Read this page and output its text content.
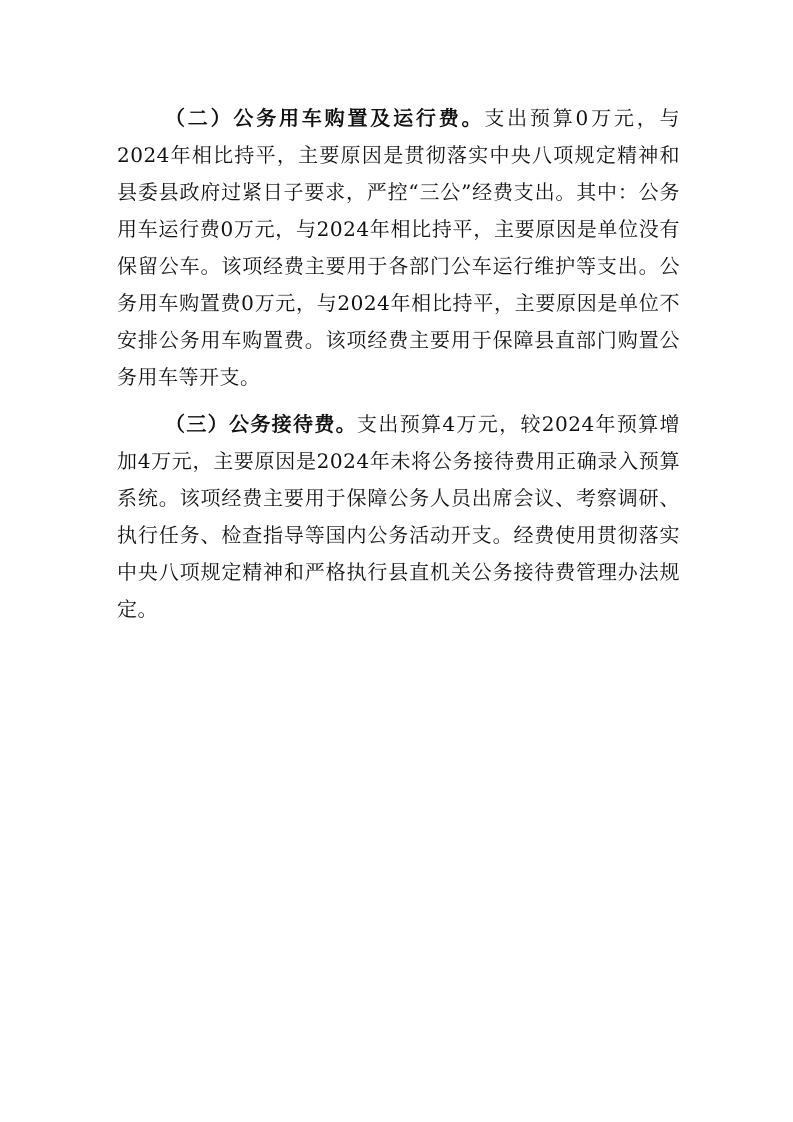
（二）公务用车购置及运行费。支出预算0万元，与2024年相比持平，主要原因是贯彻落实中央八项规定精神和县委县政府过紧日子要求，严控“三公”经费支出。其中：公务用车运行费0万元，与2024年相比持平，主要原因是单位没有保留公车。该项经费主要用于各部门公车运行维护等支出。公务用车购置费0万元，与2024年相比持平，主要原因是单位不安排公务用车购置费。该项经费主要用于保障县直部门购置公务用车等开支。

（三）公务接待费。支出预算4万元，较2024年预算增加4万元，主要原因是2024年未将公务接待费用正确录入预算系统。该项经费主要用于保障公务人员出席会议、考察调研、执行任务、检查指导等国内公务活动开支。经费使用贯彻落实中央八项规定精神和严格执行县直机关公务接待费管理办法规定。
